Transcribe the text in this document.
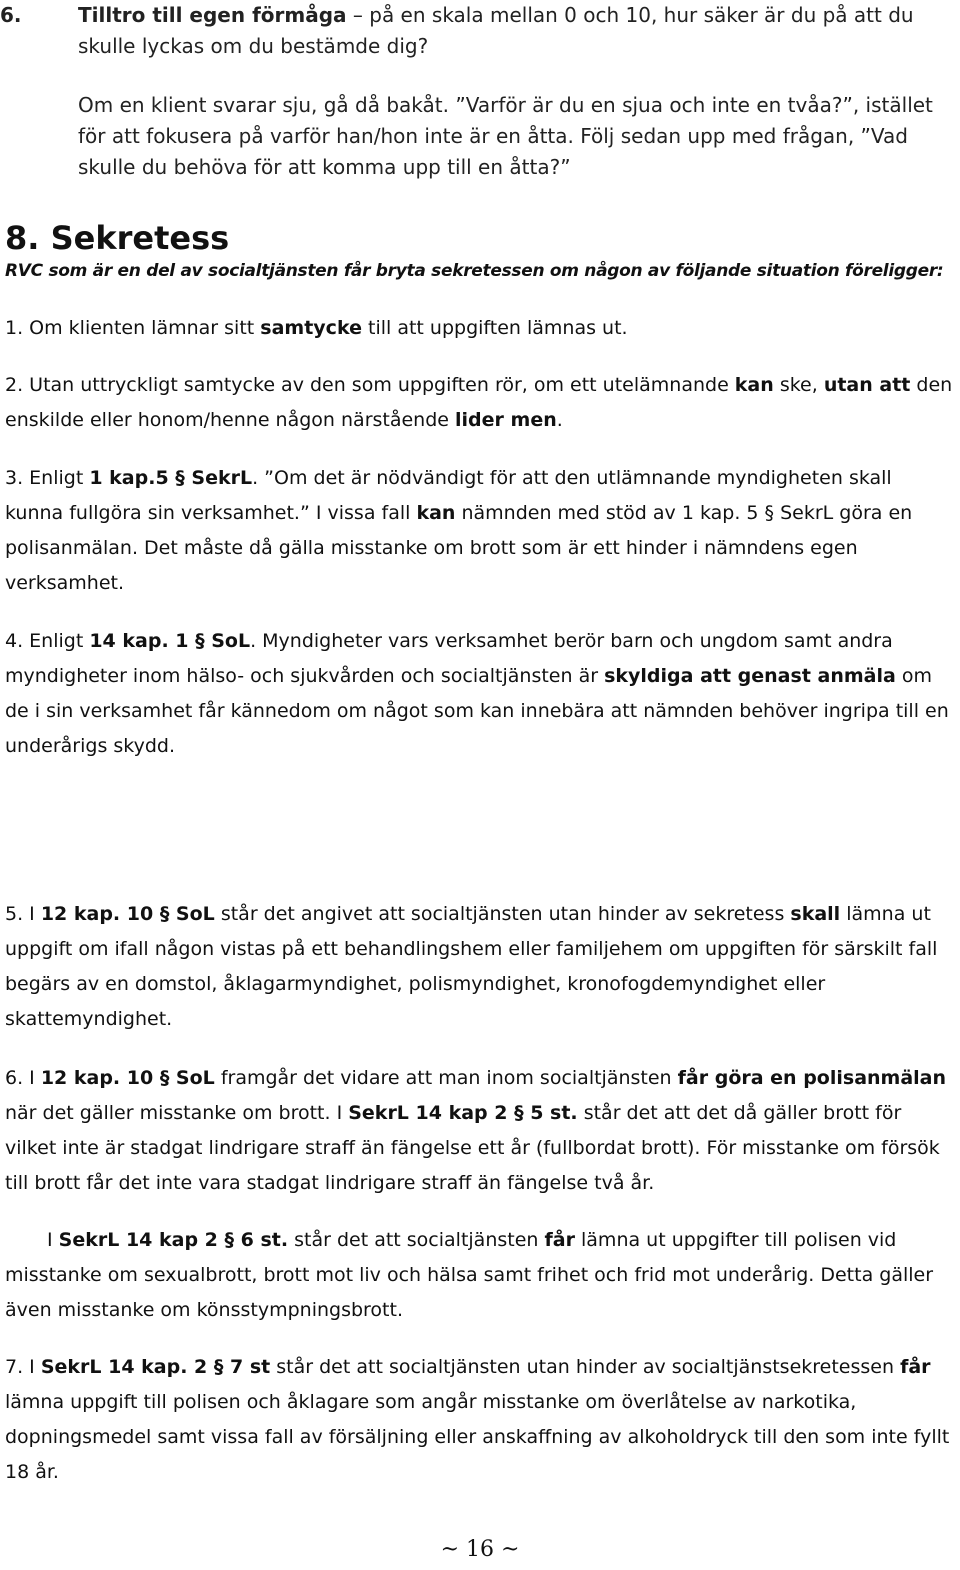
6.	Tilltro till egen förmåga – på en skala mellan 0 och 10, hur säker är du på att du skulle lyckas om du bestämde dig?
Om en klient svarar sju, gå då bakåt. ”Varför är du en sjua och inte en tvåa?”, istället för att fokusera på varför han/hon inte är en åtta. Följ sedan upp med frågan, ”Vad skulle du behöva för att komma upp till en åtta?”
8. Sekretess
RVC som är en del av socialtjänsten får bryta sekretessen om någon av följande situation föreligger:
1. Om klienten lämnar sitt samtycke till att uppgiften lämnas ut.
2. Utan uttryckligt samtycke av den som uppgiften rör, om ett utelämnande kan ske, utan att den enskilde eller honom/henne någon närstående lider men.
3. Enligt 1 kap.5 § SekrL. ”Om det är nödvändigt för att den utlämnande myndigheten skall kunna fullgöra sin verksamhet.” I vissa fall kan nämnden med stöd av 1 kap. 5 § SekrL göra en polisanmälan. Det måste då gälla misstanke om brott som är ett hinder i nämndens egen verksamhet.
4. Enligt 14 kap. 1 § SoL. Myndigheter vars verksamhet berör barn och ungdom samt andra myndigheter inom hälso- och sjukvården och socialtjänsten är skyldiga att genast anmäla om de i sin verksamhet får kännedom om något som kan innebära att nämnden behöver ingripa till en underårigs skydd.
5. I 12 kap. 10 § SoL står det angivet att socialtjänsten utan hinder av sekretess skall lämna ut uppgift om ifall någon vistas på ett behandlingshem eller familjehem om uppgiften för särskilt fall begärs av en domstol, åklagarmyndighet, polismyndighet, kronofogdemyndighet eller skattemyndighet.
6. I 12 kap. 10 § SoL framgår det vidare att man inom socialtjänsten får göra en polisanmälan när det gäller misstanke om brott. I SekrL 14 kap 2 § 5 st. står det att det då gäller brott för vilket inte är stadgat lindrigare straff än fängelse ett år (fullbordat brott). För misstanke om försök till brott får det inte vara stadgat lindrigare straff än fängelse två år.
I SekrL 14 kap 2 § 6 st. står det att socialtjänsten får lämna ut uppgifter till polisen vid misstanke om sexualbrott, brott mot liv och hälsa samt frihet och frid mot underårig. Detta gäller även misstanke om könsstympningsbrott.
7. I SekrL 14 kap. 2 § 7 st står det att socialtjänsten utan hinder av socialtjänstsekretessen får lämna uppgift till polisen och åklagare som angår misstanke om överlåtelse av narkotika, dopningsmedel samt vissa fall av försäljning eller anskaffning av alkoholdryck till den som inte fyllt 18 år.
~ 16 ~
